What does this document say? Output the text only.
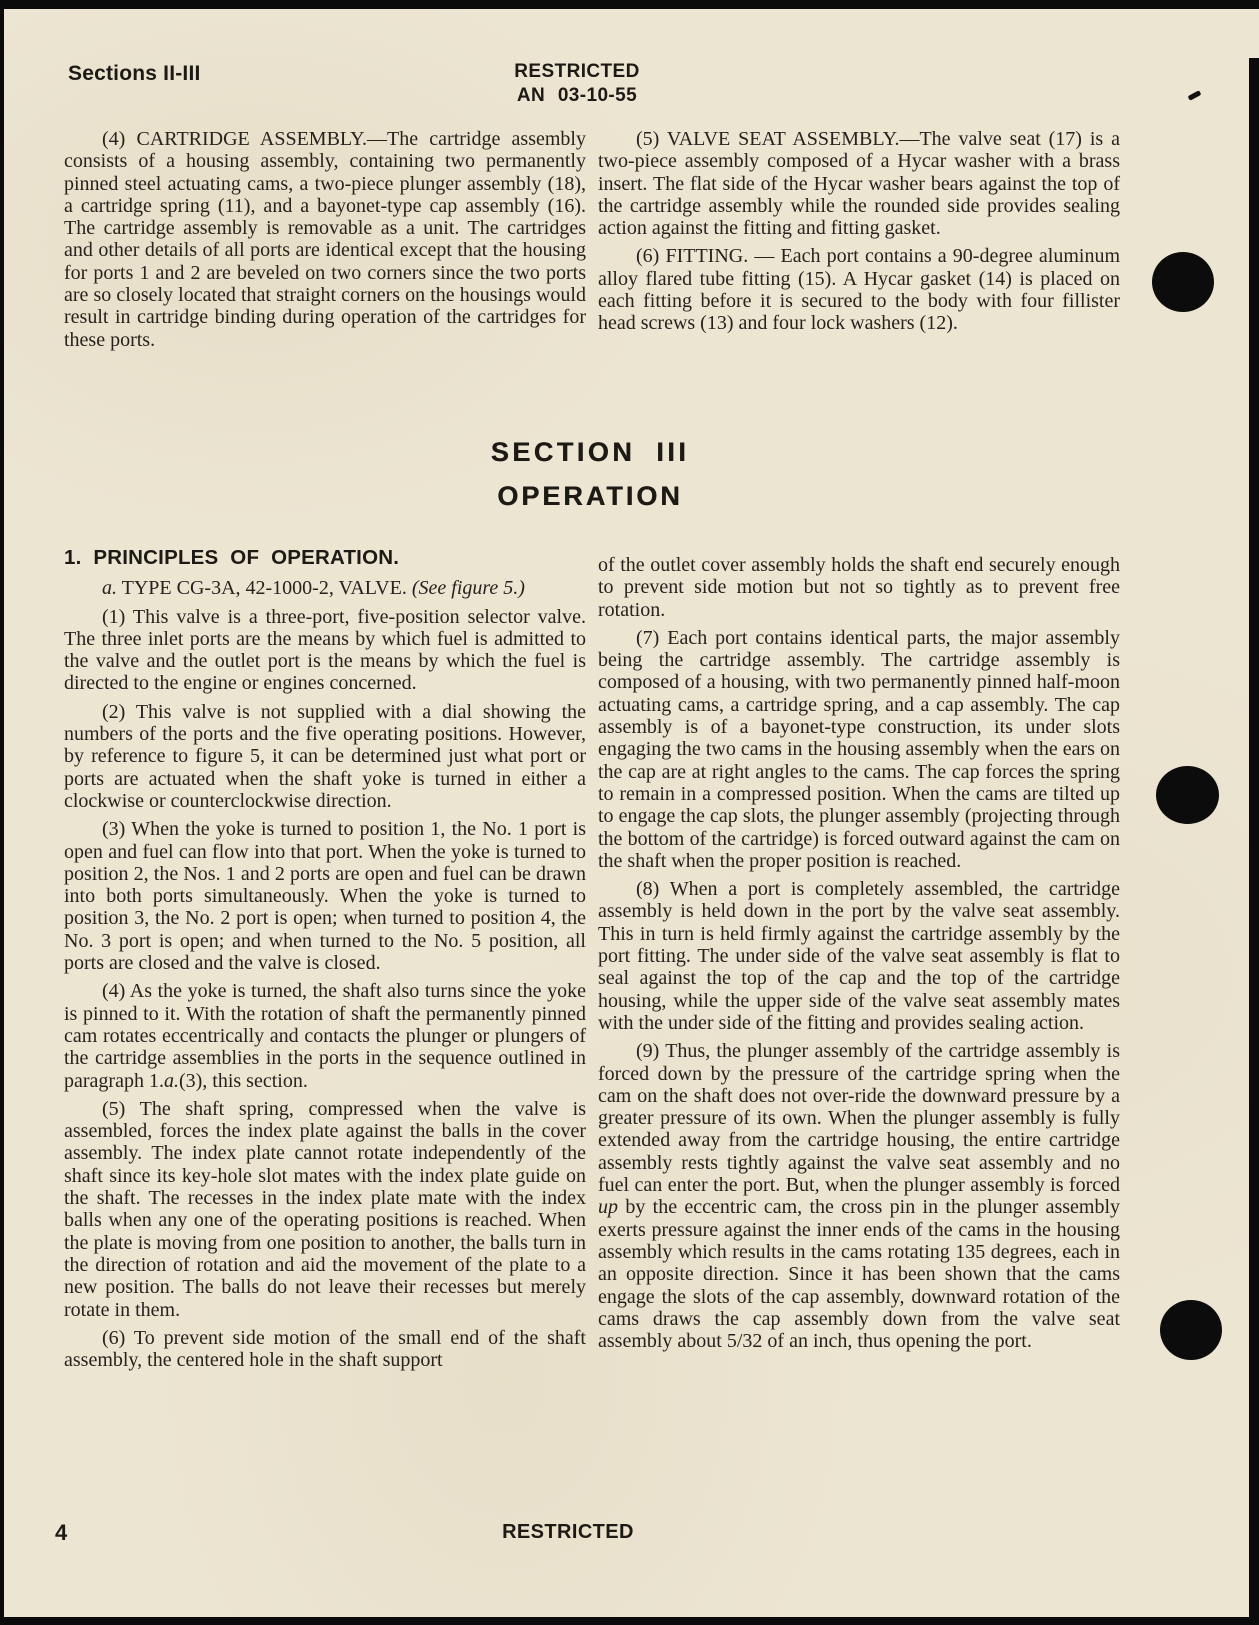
Sections II-III	RESTRICTED
AN 03-10-55

(4) CARTRIDGE ASSEMBLY.—The cartridge assembly consists of a housing assembly, containing two permanently pinned steel actuating cams, a two-piece plunger assembly (18), a cartridge spring (11), and a bayonet-type cap assembly (16). The cartridge assembly is removable as a unit. The cartridges and other details of all ports are identical except that the housing for ports 1 and 2 are beveled on two corners since the two ports are so closely located that straight corners on the housings would result in cartridge binding during operation of the cartridges for these ports.

(5) VALVE SEAT ASSEMBLY.—The valve seat (17) is a two-piece assembly composed of a Hycar washer with a brass insert. The flat side of the Hycar washer bears against the top of the cartridge assembly while the rounded side provides sealing action against the fitting and fitting gasket.

(6) FITTING. — Each port contains a 90-degree aluminum alloy flared tube fitting (15). A Hycar gasket (14) is placed on each fitting before it is secured to the body with four fillister head screws (13) and four lock washers (12).

SECTION III
OPERATION
1. PRINCIPLES OF OPERATION.

a. TYPE CG-3A, 42-1000-2, VALVE. (See figure 5.)

(1) This valve is a three-port, five-position selector valve. The three inlet ports are the means by which fuel is admitted to the valve and the outlet port is the means by which the fuel is directed to the engine or engines concerned.

(2) This valve is not supplied with a dial showing the numbers of the ports and the five operating positions. However, by reference to figure 5, it can be determined just what port or ports are actuated when the shaft yoke is turned in either a clockwise or counterclockwise direction.

(3) When the yoke is turned to position 1, the No. 1 port is open and fuel can flow into that port. When the yoke is turned to position 2, the Nos. 1 and 2 ports are open and fuel can be drawn into both ports simultaneously. When the yoke is turned to position 3, the No. 2 port is open; when turned to position 4, the No. 3 port is open; and when turned to the No. 5 position, all ports are closed and the valve is closed.

(4) As the yoke is turned, the shaft also turns since the yoke is pinned to it. With the rotation of shaft the permanently pinned cam rotates eccentrically and contacts the plunger or plungers of the cartridge assemblies in the ports in the sequence outlined in paragraph 1.a.(3), this section.

(5) The shaft spring, compressed when the valve is assembled, forces the index plate against the balls in the cover assembly. The index plate cannot rotate independently of the shaft since its key-hole slot mates with the index plate guide on the shaft. The recesses in the index plate mate with the index balls when any one of the operating positions is reached. When the plate is moving from one position to another, the balls turn in the direction of rotation and aid the movement of the plate to a new position. The balls do not leave their recesses but merely rotate in them.

(6) To prevent side motion of the small end of the shaft assembly, the centered hole in the shaft support

of the outlet cover assembly holds the shaft end securely enough to prevent side motion but not so tightly as to prevent free rotation.

(7) Each port contains identical parts, the major assembly being the cartridge assembly. The cartridge assembly is composed of a housing, with two permanently pinned half-moon actuating cams, a cartridge spring, and a cap assembly. The cap assembly is of a bayonet-type construction, its under slots engaging the two cams in the housing assembly when the ears on the cap are at right angles to the cams. The cap forces the spring to remain in a compressed position. When the cams are tilted up to engage the cap slots, the plunger assembly (projecting through the bottom of the cartridge) is forced outward against the cam on the shaft when the proper position is reached.

(8) When a port is completely assembled, the cartridge assembly is held down in the port by the valve seat assembly. This in turn is held firmly against the cartridge assembly by the port fitting. The under side of the valve seat assembly is flat to seal against the top of the cap and the top of the cartridge housing, while the upper side of the valve seat assembly mates with the under side of the fitting and provides sealing action.

(9) Thus, the plunger assembly of the cartridge assembly is forced down by the pressure of the cartridge spring when the cam on the shaft does not over-ride the downward pressure by a greater pressure of its own. When the plunger assembly is fully extended away from the cartridge housing, the entire cartridge assembly rests tightly against the valve seat assembly and no fuel can enter the port. But, when the plunger assembly is forced up by the eccentric cam, the cross pin in the plunger assembly exerts pressure against the inner ends of the cams in the housing assembly which results in the cams rotating 135 degrees, each in an opposite direction. Since it has been shown that the cams engage the slots of the cap assembly, downward rotation of the cams draws the cap assembly down from the valve seat assembly about 5/32 of an inch, thus opening the port.

4	RESTRICTED
